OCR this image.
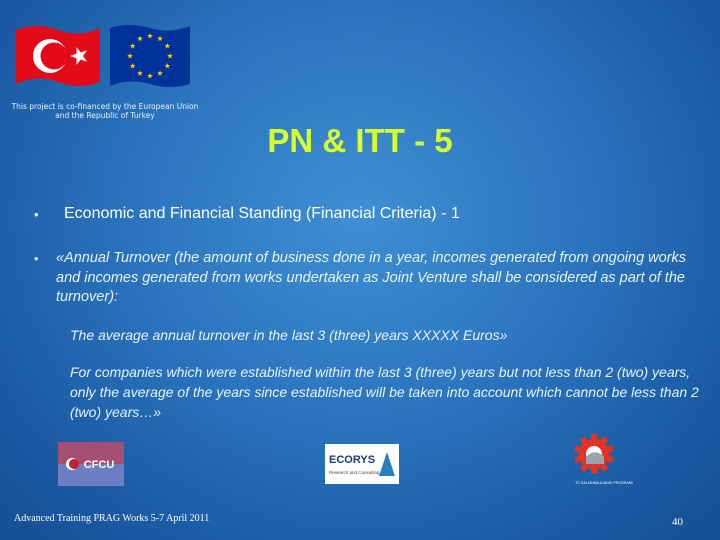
This project is co-financed by the European Union
and the Republic of Turkey
PN & ITT - 5
• Economic and Financial Standing (Financial Criteria) - 1
• «Annual Turnover (the amount of business done in a year, incomes generated from ongoing works and incomes generated from works undertaken as Joint Venture shall be considered as part of the turnover):
The average annual turnover in the last 3 (three) years XXXXX Euros»
For companies which were established within the last 3 (three) years but not less than 2 (two) years, only the average of the years since established will be taken into account which cannot be less than 2 (two) years…»
CFCU	ECORYS
Research and Consulting
TC KALKINMA AJANSI PROGRAMI
Advanced Training PRAG Works 5-7 April 2011	40
